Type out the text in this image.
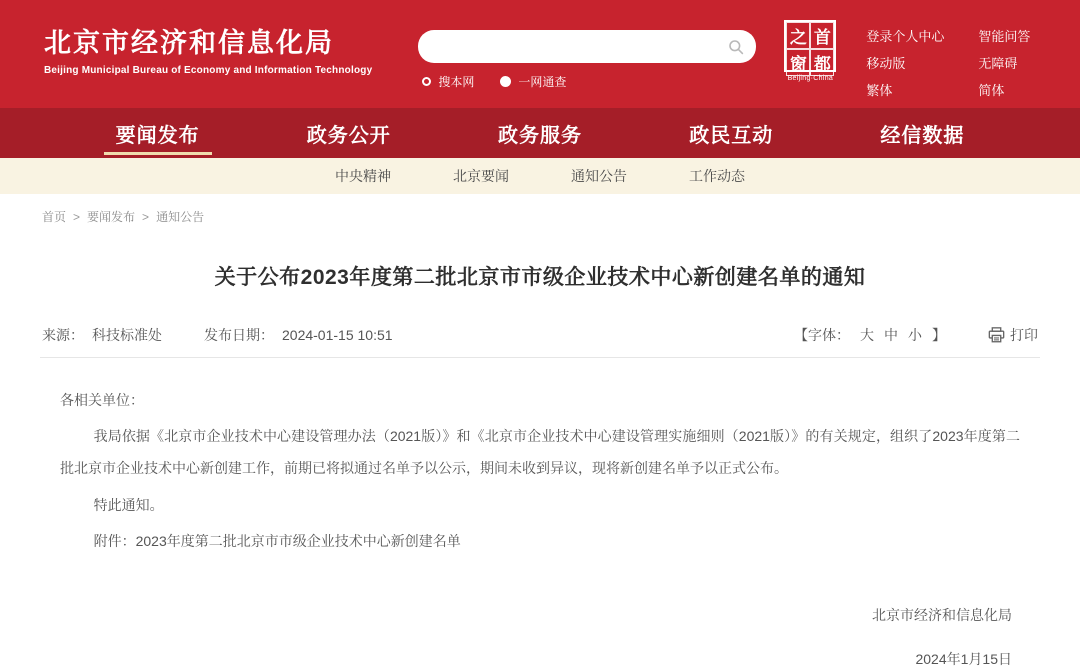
北京市经济和信息化局
Beijing Municipal Bureau of Economy and Information Technology
搜本网	一网通查
之 首
窗 都
Beijing·China
登录个人中心
移动版
繁体
智能问答
无障碍
简体
要闻发布	政务公开	政务服务	政民互动	经信数据
中央精神	北京要闻	通知公告	工作动态
首页 > 要闻发布 > 通知公告
关于公布2023年度第二批北京市市级企业技术中心新创建名单的通知
来源： 科技标准处	发布日期： 2024-01-15 10:51	【字体： 大 中 小 】	打印

各相关单位：

我局依据《北京市企业技术中心建设管理办法（2021版）》和《北京市企业技术中心建设管理实施细则（2021版）》的有关规定，组织了2023年度第二批北京市企业技术中心新创建工作，前期已将拟通过名单予以公示，期间未收到异议，现将新创建名单予以正式公布。

特此通知。

附件：2023年度第二批北京市市级企业技术中心新创建名单

北京市经济和信息化局
2024年1月15日
